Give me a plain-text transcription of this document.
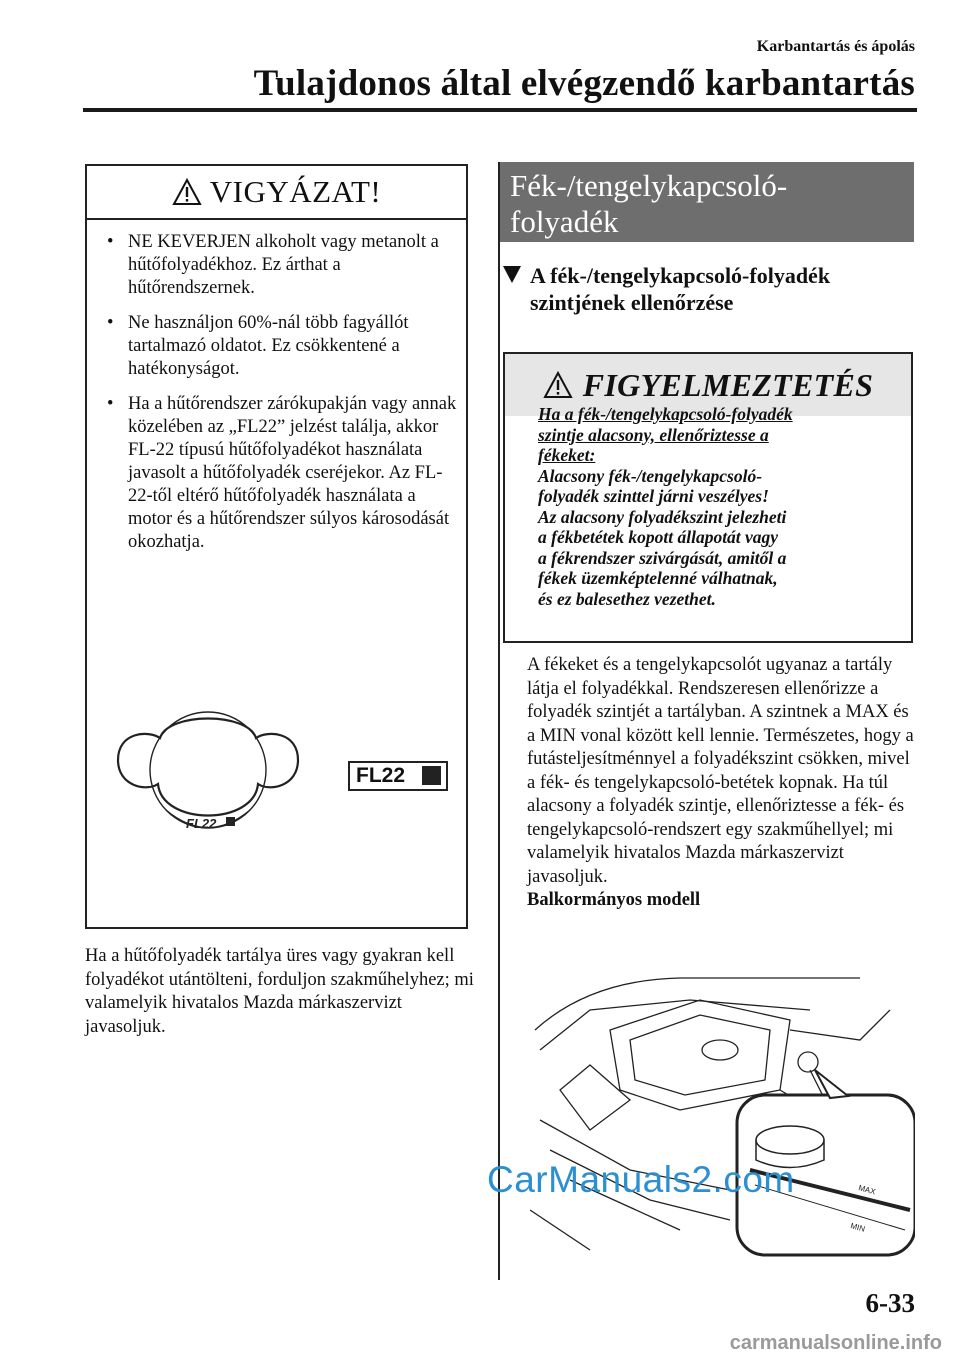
Karbantartás és ápolás
Tulajdonos által elvégzendő karbantartás
VIGYÁZAT!
• NE KEVERJEN alkoholt vagy metanolt a hűtőfolyadékhoz. Ez árthat a hűtőrendszernek.
• Ne használjon 60%-nál több fagyállót tartalmazó oldatot. Ez csökkentené a hatékonyságot.
• Ha a hűtőrendszer zárókupakján vagy annak közelében az „FL22” jelzést találja, akkor FL-22 típusú hűtőfolyadékot használata javasolt a hűtőfolyadék cseréjekor. Az FL-22-től eltérő hűtőfolyadék használata a motor és a hűtőrendszer súlyos károsodását okozhatja.
FL22
FL22
Ha a hűtőfolyadék tartálya üres vagy gyakran kell folyadékot utántölteni, forduljon szakműhelyhez; mi valamelyik hivatalos Mazda márkaszervizt javasoljuk.
Fék-/tengelykapcsoló-
folyadék
A fék-/tengelykapcsoló-folyadék szintjének ellenőrzése
FIGYELMEZTETÉS
Ha a fék-/tengelykapcsoló-folyadék
szintje alacsony, ellenőriztesse a
fékeket:
Alacsony fék-/tengelykapcsoló-
folyadék szinttel járni veszélyes!
Az alacsony folyadékszint jelezheti
a fékbetétek kopott állapotát vagy
a fékrendszer szivárgását, amitől a
fékek üzemképtelenné válhatnak,
és ez balesethez vezethet.
A fékeket és a tengelykapcsolót ugyanaz a tartály látja el folyadékkal. Rendszeresen ellenőrizze a folyadék szintjét a tartályban. A szintnek a MAX és a MIN vonal között kell lennie. Természetes, hogy a futásteljesítménnyel a folyadékszint csökken, mivel a fék- és tengelykapcsoló-betétek kopnak. Ha túl alacsony a folyadék szintje, ellenőriztesse a fék- és tengelykapcsoló-rendszert egy szakműhellyel; mi valamelyik hivatalos Mazda márkaszervizt javasoljuk.
Balkormányos modell
MAX
MIN
CarManuals2.com
6-33
carmanualsonline.info
